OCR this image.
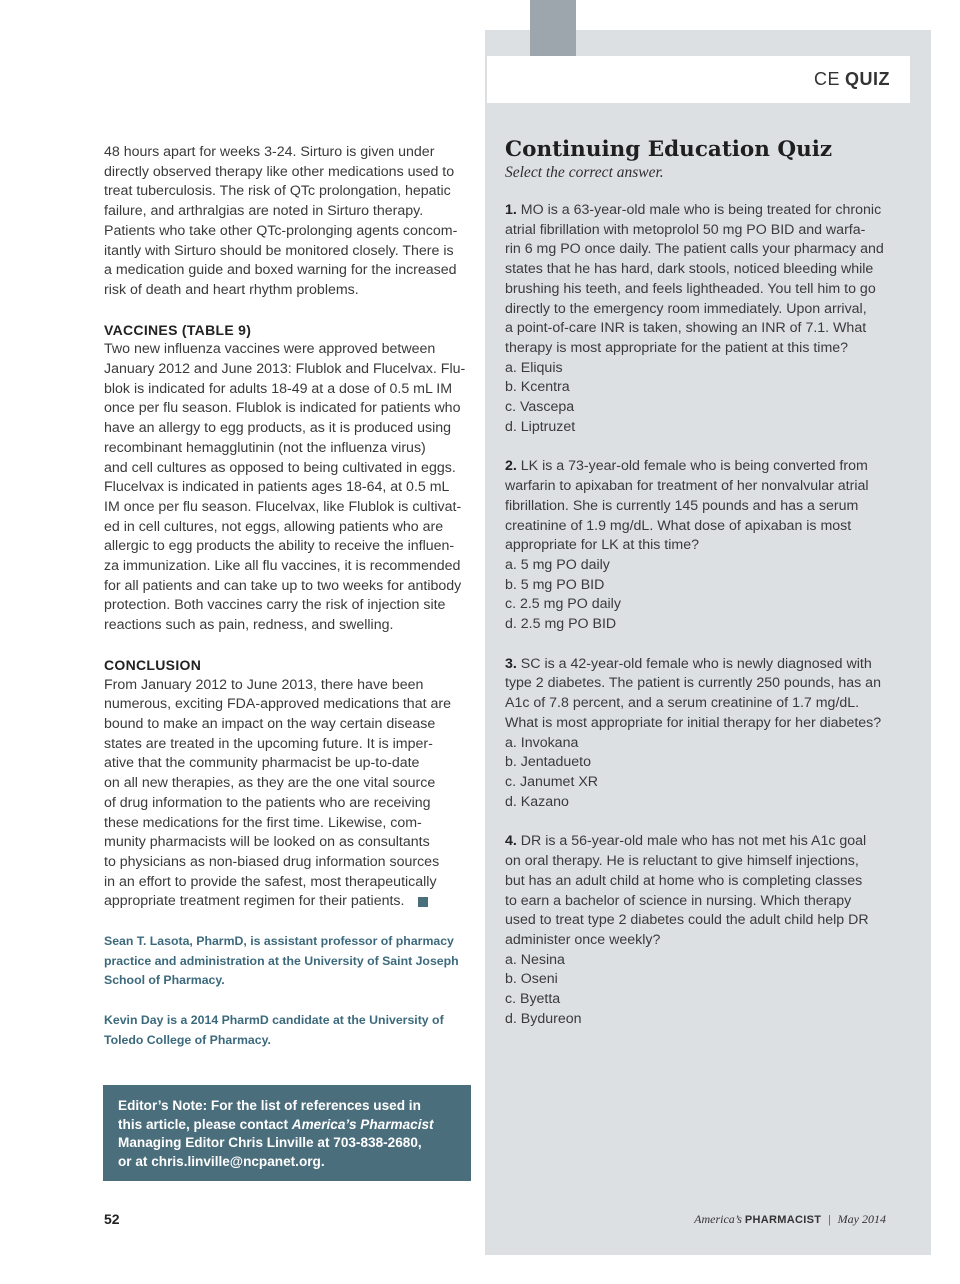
CE QUIZ

48 hours apart for weeks 3-24. Sirturo is given under
directly observed therapy like other medications used to
treat tuberculosis. The risk of QTc prolongation, hepatic
failure, and arthralgias are noted in Sirturo therapy.
Patients who take other QTc-prolonging agents concom-
itantly with Sirturo should be monitored closely. There is
a medication guide and boxed warning for the increased
risk of death and heart rhythm problems.

VACCINES (TABLE 9)

Two new influenza vaccines were approved between
January 2012 and June 2013: Flublok and Flucelvax. Flu-
blok is indicated for adults 18-49 at a dose of 0.5 mL IM
once per flu season. Flublok is indicated for patients who
have an allergy to egg products, as it is produced using
recombinant hemagglutinin (not the influenza virus)
and cell cultures as opposed to being cultivated in eggs.
Flucelvax is indicated in patients ages 18-64, at 0.5 mL
IM once per flu season. Flucelvax, like Flublok is cultivat-
ed in cell cultures, not eggs, allowing patients who are
allergic to egg products the ability to receive the influen-
za immunization. Like all flu vaccines, it is recommended
for all patients and can take up to two weeks for antibody
protection. Both vaccines carry the risk of injection site
reactions such as pain, redness, and swelling.

CONCLUSION

From January 2012 to June 2013, there have been
numerous, exciting FDA-approved medications that are
bound to make an impact on the way certain disease
states are treated in the upcoming future. It is imper-
ative that the community pharmacist be up-to-date
on all new therapies, as they are the one vital source
of drug information to the patients who are receiving
these medications for the first time. Likewise, com-
munity pharmacists will be looked on as consultants
to physicians as non-biased drug information sources
in an effort to provide the safest, most therapeutically
appropriate treatment regimen for their patients.

Sean T. Lasota, PharmD, is assistant professor of pharmacy
practice and administration at the University of Saint Joseph
School of Pharmacy.
Kevin Day is a 2014 PharmD candidate at the University of
Toledo College of Pharmacy.
Editor’s Note: For the list of references used in
this article, please contact America’s Pharmacist
Managing Editor Chris Linville at 703-838-2680,
or at chris.linville@ncpanet.org.
Continuing Education Quiz
Select the correct answer.
1. MO is a 63-year-old male who is being treated for chronic
atrial fibrillation with metoprolol 50 mg PO BID and warfa-
rin 6 mg PO once daily. The patient calls your pharmacy and
states that he has hard, dark stools, noticed bleeding while
brushing his teeth, and feels lightheaded. You tell him to go
directly to the emergency room immediately. Upon arrival,
a point-of-care INR is taken, showing an INR of 7.1. What
therapy is most appropriate for the patient at this time?
a. Eliquis
b. Kcentra
c. Vascepa
d. Liptruzet
2. LK is a 73-year-old female who is being converted from
warfarin to apixaban for treatment of her nonvalvular atrial
fibrillation. She is currently 145 pounds and has a serum
creatinine of 1.9 mg/dL. What dose of apixaban is most
appropriate for LK at this time?
a. 5 mg PO daily
b. 5 mg PO BID
c. 2.5 mg PO daily
d. 2.5 mg PO BID
3. SC is a 42-year-old female who is newly diagnosed with
type 2 diabetes. The patient is currently 250 pounds, has an
A1c of 7.8 percent, and a serum creatinine of 1.7 mg/dL.
What is most appropriate for initial therapy for her diabetes?
a. Invokana
b. Jentadueto
c. Janumet XR
d. Kazano
4. DR is a 56-year-old male who has not met his A1c goal
on oral therapy. He is reluctant to give himself injections,
but has an adult child at home who is completing classes
to earn a bachelor of science in nursing. Which therapy
used to treat type 2 diabetes could the adult child help DR
administer once weekly?
a. Nesina
b. Oseni
c. Byetta
d. Bydureon
52	America’s PHARMACIST | May 2014
